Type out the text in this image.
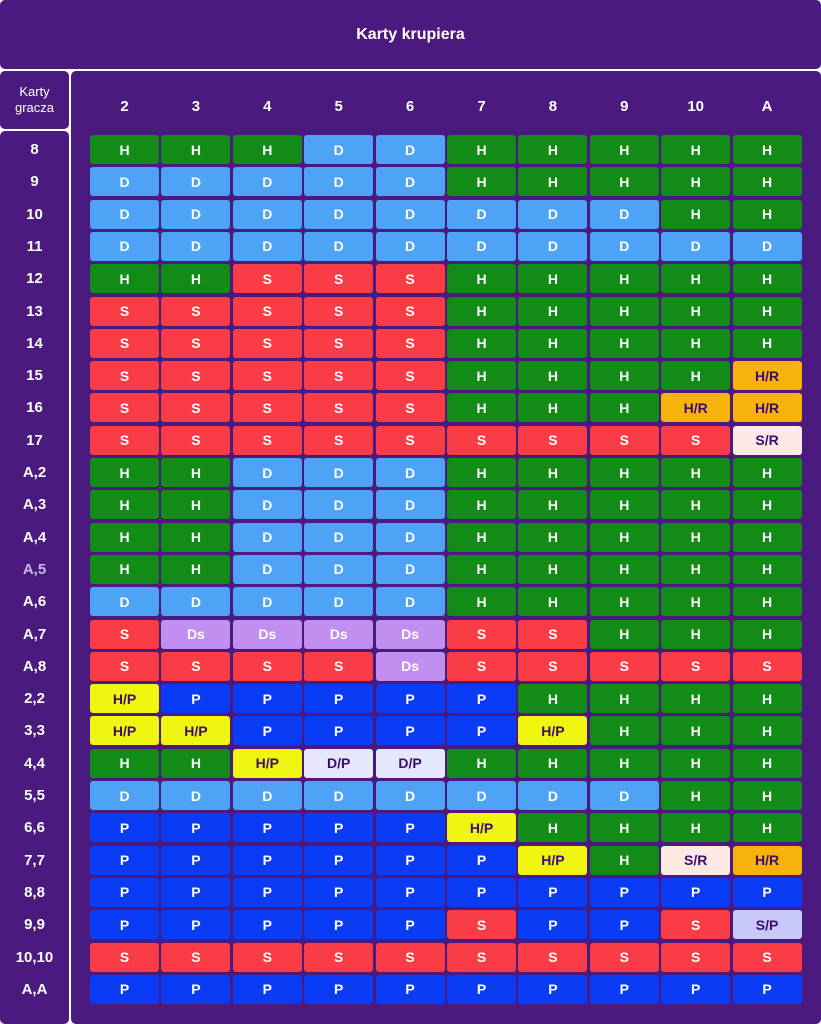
Karty krupiera
Karty
gracza	2	3	4	5	6	7	8	9	10	A
8	H	H	H	D	D	H	H	H	H	H
9	D	D	D	D	D	H	H	H	H	H
10	D	D	D	D	D	D	D	D	H	H
11	D	D	D	D	D	D	D	D	D	D
12	H	H	S	S	S	H	H	H	H	H
13	S	S	S	S	S	H	H	H	H	H
14	S	S	S	S	S	H	H	H	H	H
15	S	S	S	S	S	H	H	H	H	H/R
16	S	S	S	S	S	H	H	H	H/R	H/R
17	S	S	S	S	S	S	S	S	S	S/R
A,2	H	H	D	D	D	H	H	H	H	H
A,3	H	H	D	D	D	H	H	H	H	H
A,4	H	H	D	D	D	H	H	H	H	H
A,5	H	H	D	D	D	H	H	H	H	H
A,6	D	D	D	D	D	H	H	H	H	H
A,7	S	Ds	Ds	Ds	Ds	S	S	H	H	H
A,8	S	S	S	S	Ds	S	S	S	S	S
2,2	H/P	P	P	P	P	P	H	H	H	H
3,3	H/P	H/P	P	P	P	P	H/P	H	H	H
4,4	H	H	H/P	D/P	D/P	H	H	H	H	H
5,5	D	D	D	D	D	D	D	D	H	H
6,6	P	P	P	P	P	H/P	H	H	H	H
7,7	P	P	P	P	P	P	H/P	H	S/R	H/R
8,8	P	P	P	P	P	P	P	P	P	P
9,9	P	P	P	P	P	S	P	P	S	S/P
10,10	S	S	S	S	S	S	S	S	S	S
A,A	P	P	P	P	P	P	P	P	P	P
